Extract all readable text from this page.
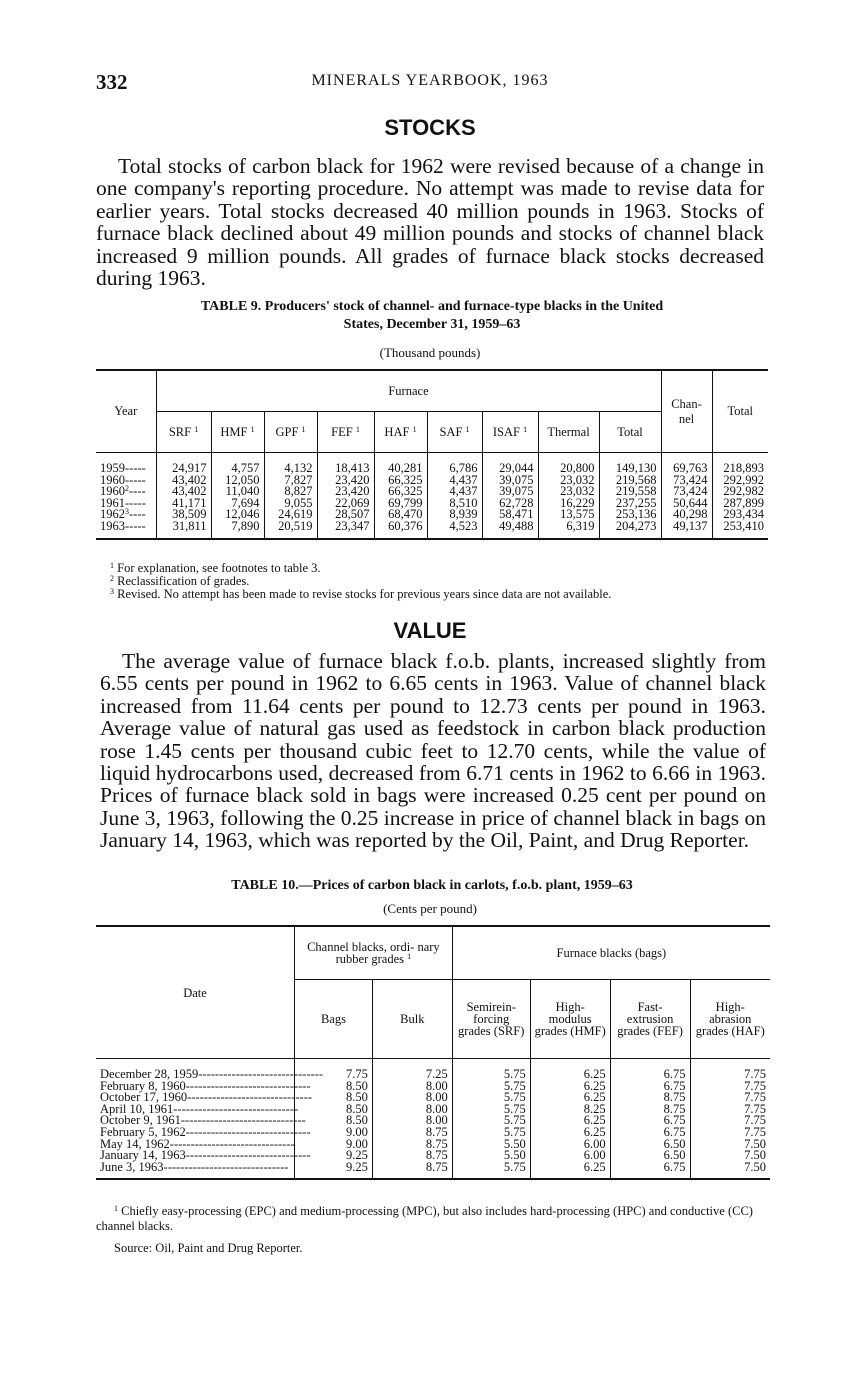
332	MINERALS YEARBOOK, 1963
STOCKS

Total stocks of carbon black for 1962 were revised because of a change in one company's reporting procedure. No attempt was made to revise data for earlier years. Total stocks decreased 40 million pounds in 1963. Stocks of furnace black declined about 49 million pounds and stocks of channel black increased 9 million pounds. All grades of furnace black stocks decreased during 1963.

TABLE 9. Producers' stock of channel- and furnace-type blacks in the United
States, December 31, 1959–63
(Thousand pounds)
Year	Furnace									Chan-
nel	Total
	SRF $^1$	HMF $^1$	GPF $^1$	FEF $^1$	HAF $^1$	SAF $^1$	ISAF $^1$	Thermal	Total		

1959-----	24,917	4,757	4,132	18,413	40,281	6,786	29,044	20,800	149,130	69,763	218,893
1960-----	43,402	12,050	7,827	23,420	66,325	4,437	39,075	23,032	219,568	73,424	292,992
1960$^2$----	43,402	11,040	8,827	23,420	66,325	4,437	39,075	23,032	219,558	73,424	292,982
1961-----	41,171	7,694	9,055	22,069	69,799	8,510	62,728	16,229	237,255	50,644	287,899
1962$^3$----	38,509	12,046	24,619	28,507	68,470	8,939	58,471	13,575	253,136	40,298	293,434
1963-----	31,811	7,890	20,519	23,347	60,376	4,523	49,488	6,319	204,273	49,137	253,410

$^1$ For explanation, see footnotes to table 3.
$^2$ Reclassification of grades.
$^3$ Revised. No attempt has been made to revise stocks for previous years since data are not available.
VALUE

The average value of furnace black f.o.b. plants, increased slightly from 6.55 cents per pound in 1962 to 6.65 cents in 1963. Value of channel black increased from 11.64 cents per pound to 12.73 cents per pound in 1963. Average value of natural gas used as feedstock in carbon black production rose 1.45 cents per thousand cubic feet to 12.70 cents, while the value of liquid hydrocarbons used, decreased from 6.71 cents in 1962 to 6.66 in 1963. Prices of furnace black sold in bags were increased 0.25 cent per pound on June 3, 1963, following the 0.25 increase in price of channel black in bags on January 14, 1963, which was reported by the Oil, Paint, and Drug Reporter.

TABLE 10.—Prices of carbon black in carlots, f.o.b. plant, 1959–63
(Cents per pound)
Date	Channel blacks, ordi- nary rubber grades $^1$		Furnace blacks (bags)			
	Bags	Bulk	Semirein- forcing grades (SRF)	High- modulus grades (HMF)	Fast- extrusion grades (FEF)	High- abrasion grades (HAF)

December 28, 1959------------------------------	7.75	7.25	5.75	6.25	6.75	7.75
February 8, 1960------------------------------	8.50	8.00	5.75	6.25	6.75	7.75
October 17, 1960------------------------------	8.50	8.00	5.75	6.25	8.75	7.75
April 10, 1961------------------------------	8.50	8.00	5.75	8.25	8.75	7.75
October 9, 1961------------------------------	8.50	8.00	5.75	6.25	6.75	7.75
February 5, 1962------------------------------	9.00	8.75	5.75	6.25	6.75	7.75
May 14, 1962------------------------------	9.00	8.75	5.50	6.00	6.50	7.50
January 14, 1963------------------------------	9.25	8.75	5.50	6.00	6.50	7.50
June 3, 1963------------------------------	9.25	8.75	5.75	6.25	6.75	7.50

$^1$ Chiefly easy-processing (EPC) and medium-processing (MPC), but also includes hard-processing (HPC) and conductive (CC) channel blacks.
Source: Oil, Paint and Drug Reporter.
